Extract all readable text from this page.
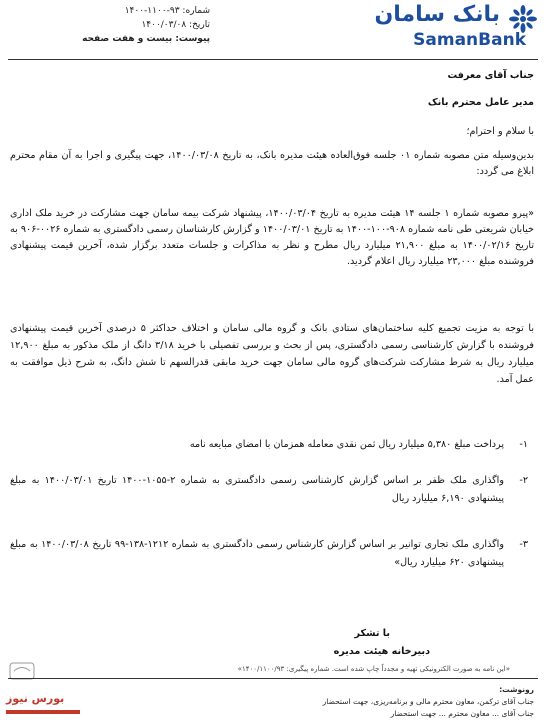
شماره: ۹۳-۱۱۰۰-۱۴۰۰
تاریخ: ۱۴۰۰/۰۳/۰۸
پیوست: بیست و هفت صفحه
بانک سامان
SamanBank
جناب آقای معرفت
مدیر عامل محترم بانک
با سلام و احترام؛
بدین‌وسیله متن مصوبه شماره ۰۱ جلسه فوق‌العاده هیئت مدیره بانک، به تاریخ ۱۴۰۰/۰۳/۰۸، جهت پیگیری و اجرا به آن مقام محترم ابلاغ می گردد:
«پیرو مصوبه شماره ۱ جلسه ۱۴ هیئت مدیره به تاریخ ۱۴۰۰/۰۳/۰۴، پیشنهاد شرکت بیمه سامان جهت مشارکت در خرید ملک اداری خیابان شریعتی طی نامه شماره ۹۰۸-۱۰۰-۱۴۰۰ به تاریخ ۱۴۰۰/۰۳/۰۱ و گزارش کارشناسان رسمی دادگستری به شماره ۰۰۲۶-۹۰۶ به تاریخ ۱۴۰۰/۰۲/۱۶ به مبلغ ۲۱,۹۰۰ میلیارد ریال مطرح و نظر به مذاکرات و جلسات متعدد برگزار شده، آخرین قیمت پیشنهادی فروشنده مبلغ ۲۳,۰۰۰ میلیارد ریال اعلام گردید.
با توجه به مزیت تجمیع کلیه ساختمان‌های ستادی بانک و گروه مالی سامان و اختلاف حداکثر ۵ درصدی آخرین قیمت پیشنهادی فروشنده با گزارش کارشناسی رسمی دادگستری، پس از بحث و بررسی تفصیلی با خرید ۳/۱۸ دانگ از ملک مذکور به مبلغ ۱۲,۹۰۰ میلیارد ریال به شرط مشارکت شرکت‌های گروه مالی سامان جهت خرید مابقی قدرالسهم تا شش دانگ، به شرح ذیل موافقت به عمل آمد.
۱-
پرداخت مبلغ ۵,۳۸۰ میلیارد ریال ثمن نقدی معامله همزمان با امضای مبایعه نامه
۲-
واگذاری ملک ظفر بر اساس گزارش کارشناسی رسمی دادگستری به شماره ۲-۱۰۵۵-۱۴۰۰ تاریخ ۱۴۰۰/۰۳/۰۱ به مبلغ پیشنهادی ۶,۱۹۰ میلیارد ریال
۳-
واگذاری ملک تجاری توانیر بر اساس گزارش کارشناس رسمی دادگستری به شماره ۱۲۱۲-۱۳۸-۹۹ تاریخ ۱۴۰۰/۰۳/۰۸ به مبلغ پیشنهادی ۶۲۰ میلیارد ریال»
با تشکر
دبیرخانه هیئت مدیره
«این نامه به صورت الکترونیکی تهیه و مجدداً چاپ شده است. شماره پیگیری: ۱۴۰۰/۱۱۰۰/۹۳»
رونوشت:
جناب آقای ترکمن، معاون محترم مالی و برنامه‌ریزی، جهت استحضار
جناب آقای ... معاون محترم ... جهت استحضار
بورس نیوز
